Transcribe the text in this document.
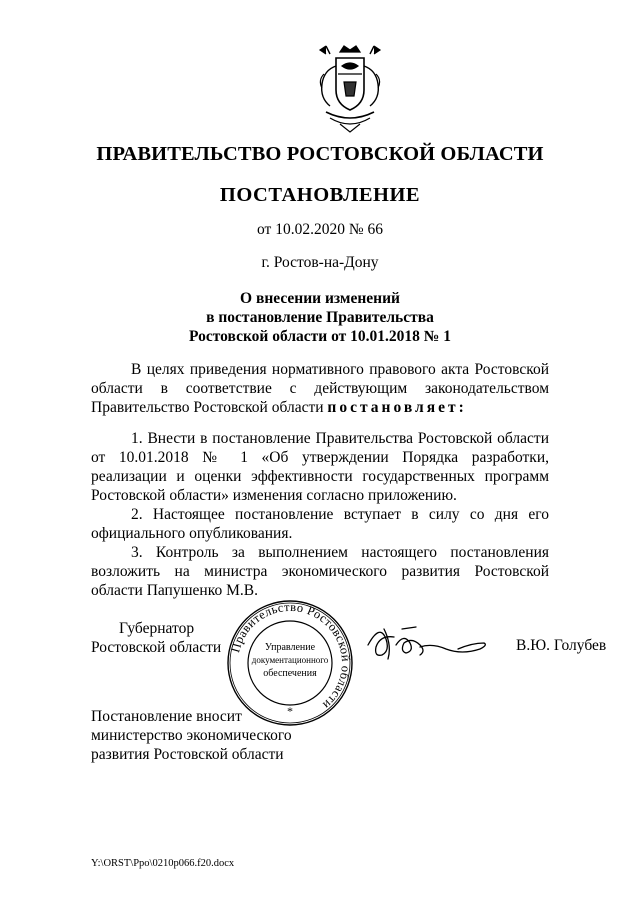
ПРАВИТЕЛЬСТВО РОСТОВСКОЙ ОБЛАСТИ
ПОСТАНОВЛЕНИЕ
от 10.02.2020 № 66
г. Ростов-на-Дону
О внесении изменений
в постановление Правительства
Ростовской области от 10.01.2018 № 1
В целях приведения нормативного правового акта Ростовской области в соответствие с действующим законодательством Правительство Ростовской области постановляет:
1. Внести в постановление Правительства Ростовской области от 10.01.2018 № 1 «Об утверждении Порядка разработки, реализации и оценки эффективности государственных программ Ростовской области» изменения согласно приложению.
2. Настоящее постановление вступает в силу со дня его официального опубликования.
3. Контроль за выполнением настоящего постановления возложить на министра экономического развития Ростовской области Папушенко М.В.
Губернатор
Ростовской области Правительство Ростовской области
Управление
документационного
обеспечения
*
В.Ю. Голубев
Постановление вносит
министерство экономического
развития Ростовской области
Y:\ORST\Ppo\0210p066.f20.docx
